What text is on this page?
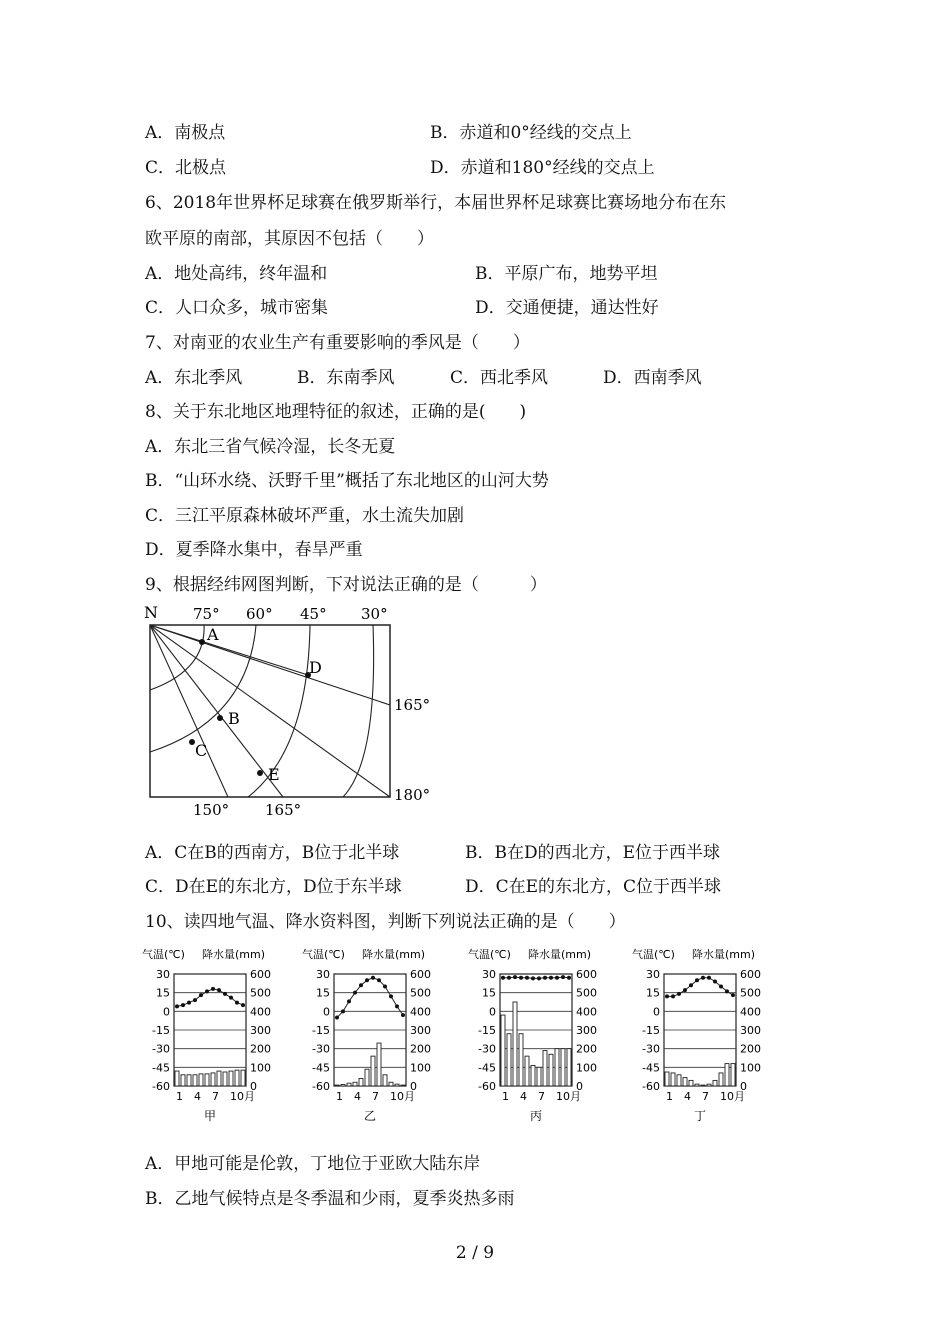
A．南极点	B．赤道和0°经线的交点上
C．北极点	D．赤道和180°经线的交点上
6、2018年世界杯足球赛在俄罗斯举行，本届世界杯足球赛比赛场地分布在东
欧平原的南部，其原因不包括（　　）
A．地处高纬，终年温和	B．平原广布，地势平坦
C．人口众多，城市密集	D．交通便捷，通达性好
7、对南亚的农业生产有重要影响的季风是（　　）
A．东北季风	B．东南季风	C．西北季风	D．西南季风
8、关于东北地区地理特征的叙述，正确的是(　　)
A．东北三省气候冷湿，长冬无夏
B．“山环水绕、沃野千里”概括了东北地区的山河大势
C．三江平原森林破坏严重，水土流失加剧
D．夏季降水集中，春旱严重
9、根据经纬网图判断，下对说法正确的是（　　　）
N 75° 60° 45° 30°
165°
180°
150° 165°
A
B
C
D
E
A．C在B的西南方，B位于北半球	B．B在D的西北方，E位于西半球
C．D在E的东北方，D位于东半球	D．C在E的东北方，C位于西半球
10、读四地气温、降水资料图，判断下列说法正确的是（　　）
气温(℃) 降水量(mm)
30
15
0
-15
-30
-45
-60
600
500
400
300
200
100
0
1 4 7 10月
甲
气温(℃) 降水量(mm)
30
15
0
-15
-30
-45
-60
600
500
400
300
200
100
0
1 4 7 10月
乙
气温(℃) 降水量(mm)
30
15
0
-15
-30
-45
-60
600
500
400
300
200
100
0
1 4 7 10月
丙
气温(℃) 降水量(mm)
30
15
0
-15
-30
-45
-60
600
500
400
300
200
100
0
1 4 7 10月
丁
A．甲地可能是伦敦，丁地位于亚欧大陆东岸
B．乙地气候特点是冬季温和少雨，夏季炎热多雨
2 / 9
